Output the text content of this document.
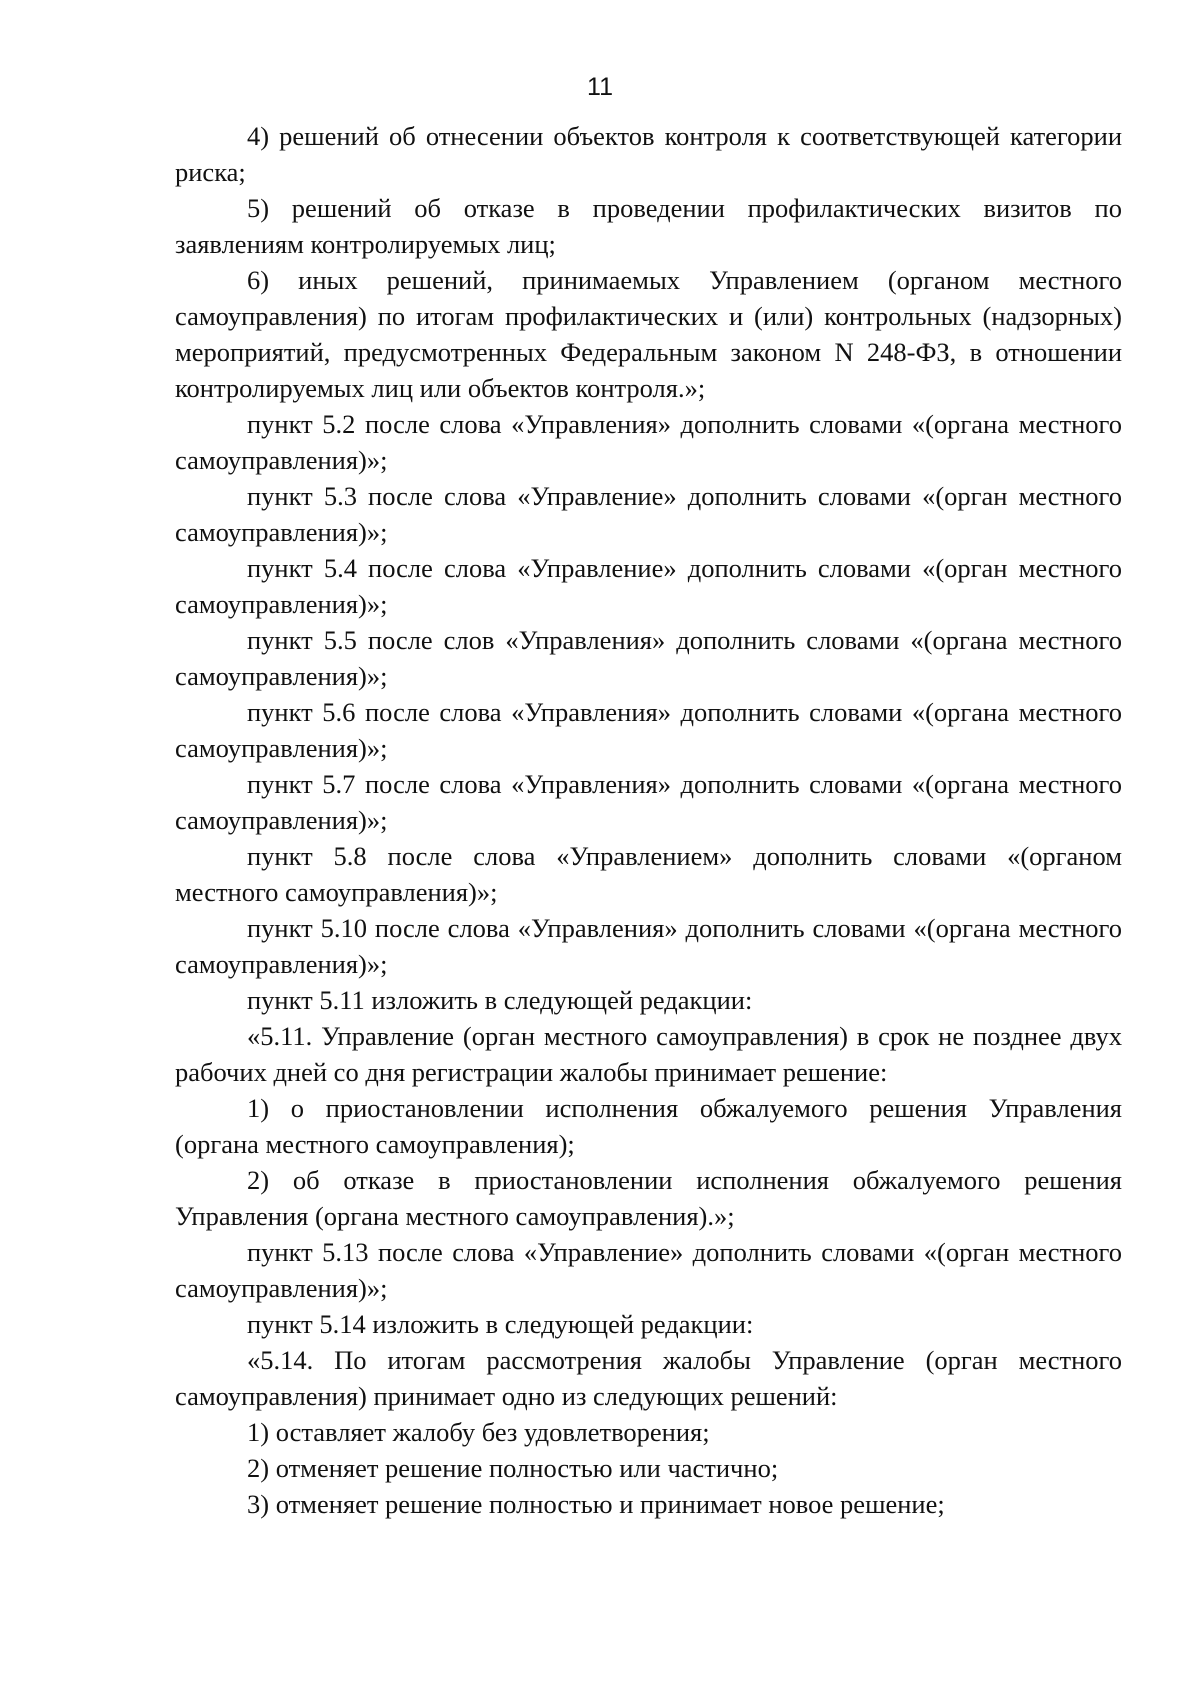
11

4) решений об отнесении объектов контроля к соответствующей категории риска;

5) решений об отказе в проведении профилактических визитов по заявлениям контролируемых лиц;

6) иных решений, принимаемых Управлением (органом местного самоуправления) по итогам профилактических и (или) контрольных (надзорных) мероприятий, предусмотренных Федеральным законом N 248-ФЗ, в отношении контролируемых лиц или объектов контроля.»;

пункт 5.2 после слова «Управления» дополнить словами «(органа местного самоуправления)»;

пункт 5.3 после слова «Управление» дополнить словами «(орган местного самоуправления)»;

пункт 5.4 после слова «Управление» дополнить словами «(орган местного самоуправления)»;

пункт 5.5 после слов «Управления» дополнить словами «(органа местного самоуправления)»;

пункт 5.6 после слова «Управления» дополнить словами «(органа местного самоуправления)»;

пункт 5.7 после слова «Управления» дополнить словами «(органа местного самоуправления)»;

пункт 5.8 после слова «Управлением» дополнить словами «(органом местного самоуправления)»;

пункт 5.10 после слова «Управления» дополнить словами «(органа местного самоуправления)»;

пункт 5.11 изложить в следующей редакции:

«5.11. Управление (орган местного самоуправления) в срок не позднее двух рабочих дней со дня регистрации жалобы принимает решение:

1) о приостановлении исполнения обжалуемого решения Управления (органа местного самоуправления);

2) об отказе в приостановлении исполнения обжалуемого решения Управления (органа местного самоуправления).»;

пункт 5.13 после слова «Управление» дополнить словами «(орган местного самоуправления)»;

пункт 5.14 изложить в следующей редакции:

«5.14. По итогам рассмотрения жалобы Управление (орган местного самоуправления) принимает одно из следующих решений:

1) оставляет жалобу без удовлетворения;

2) отменяет решение полностью или частично;

3) отменяет решение полностью и принимает новое решение;
